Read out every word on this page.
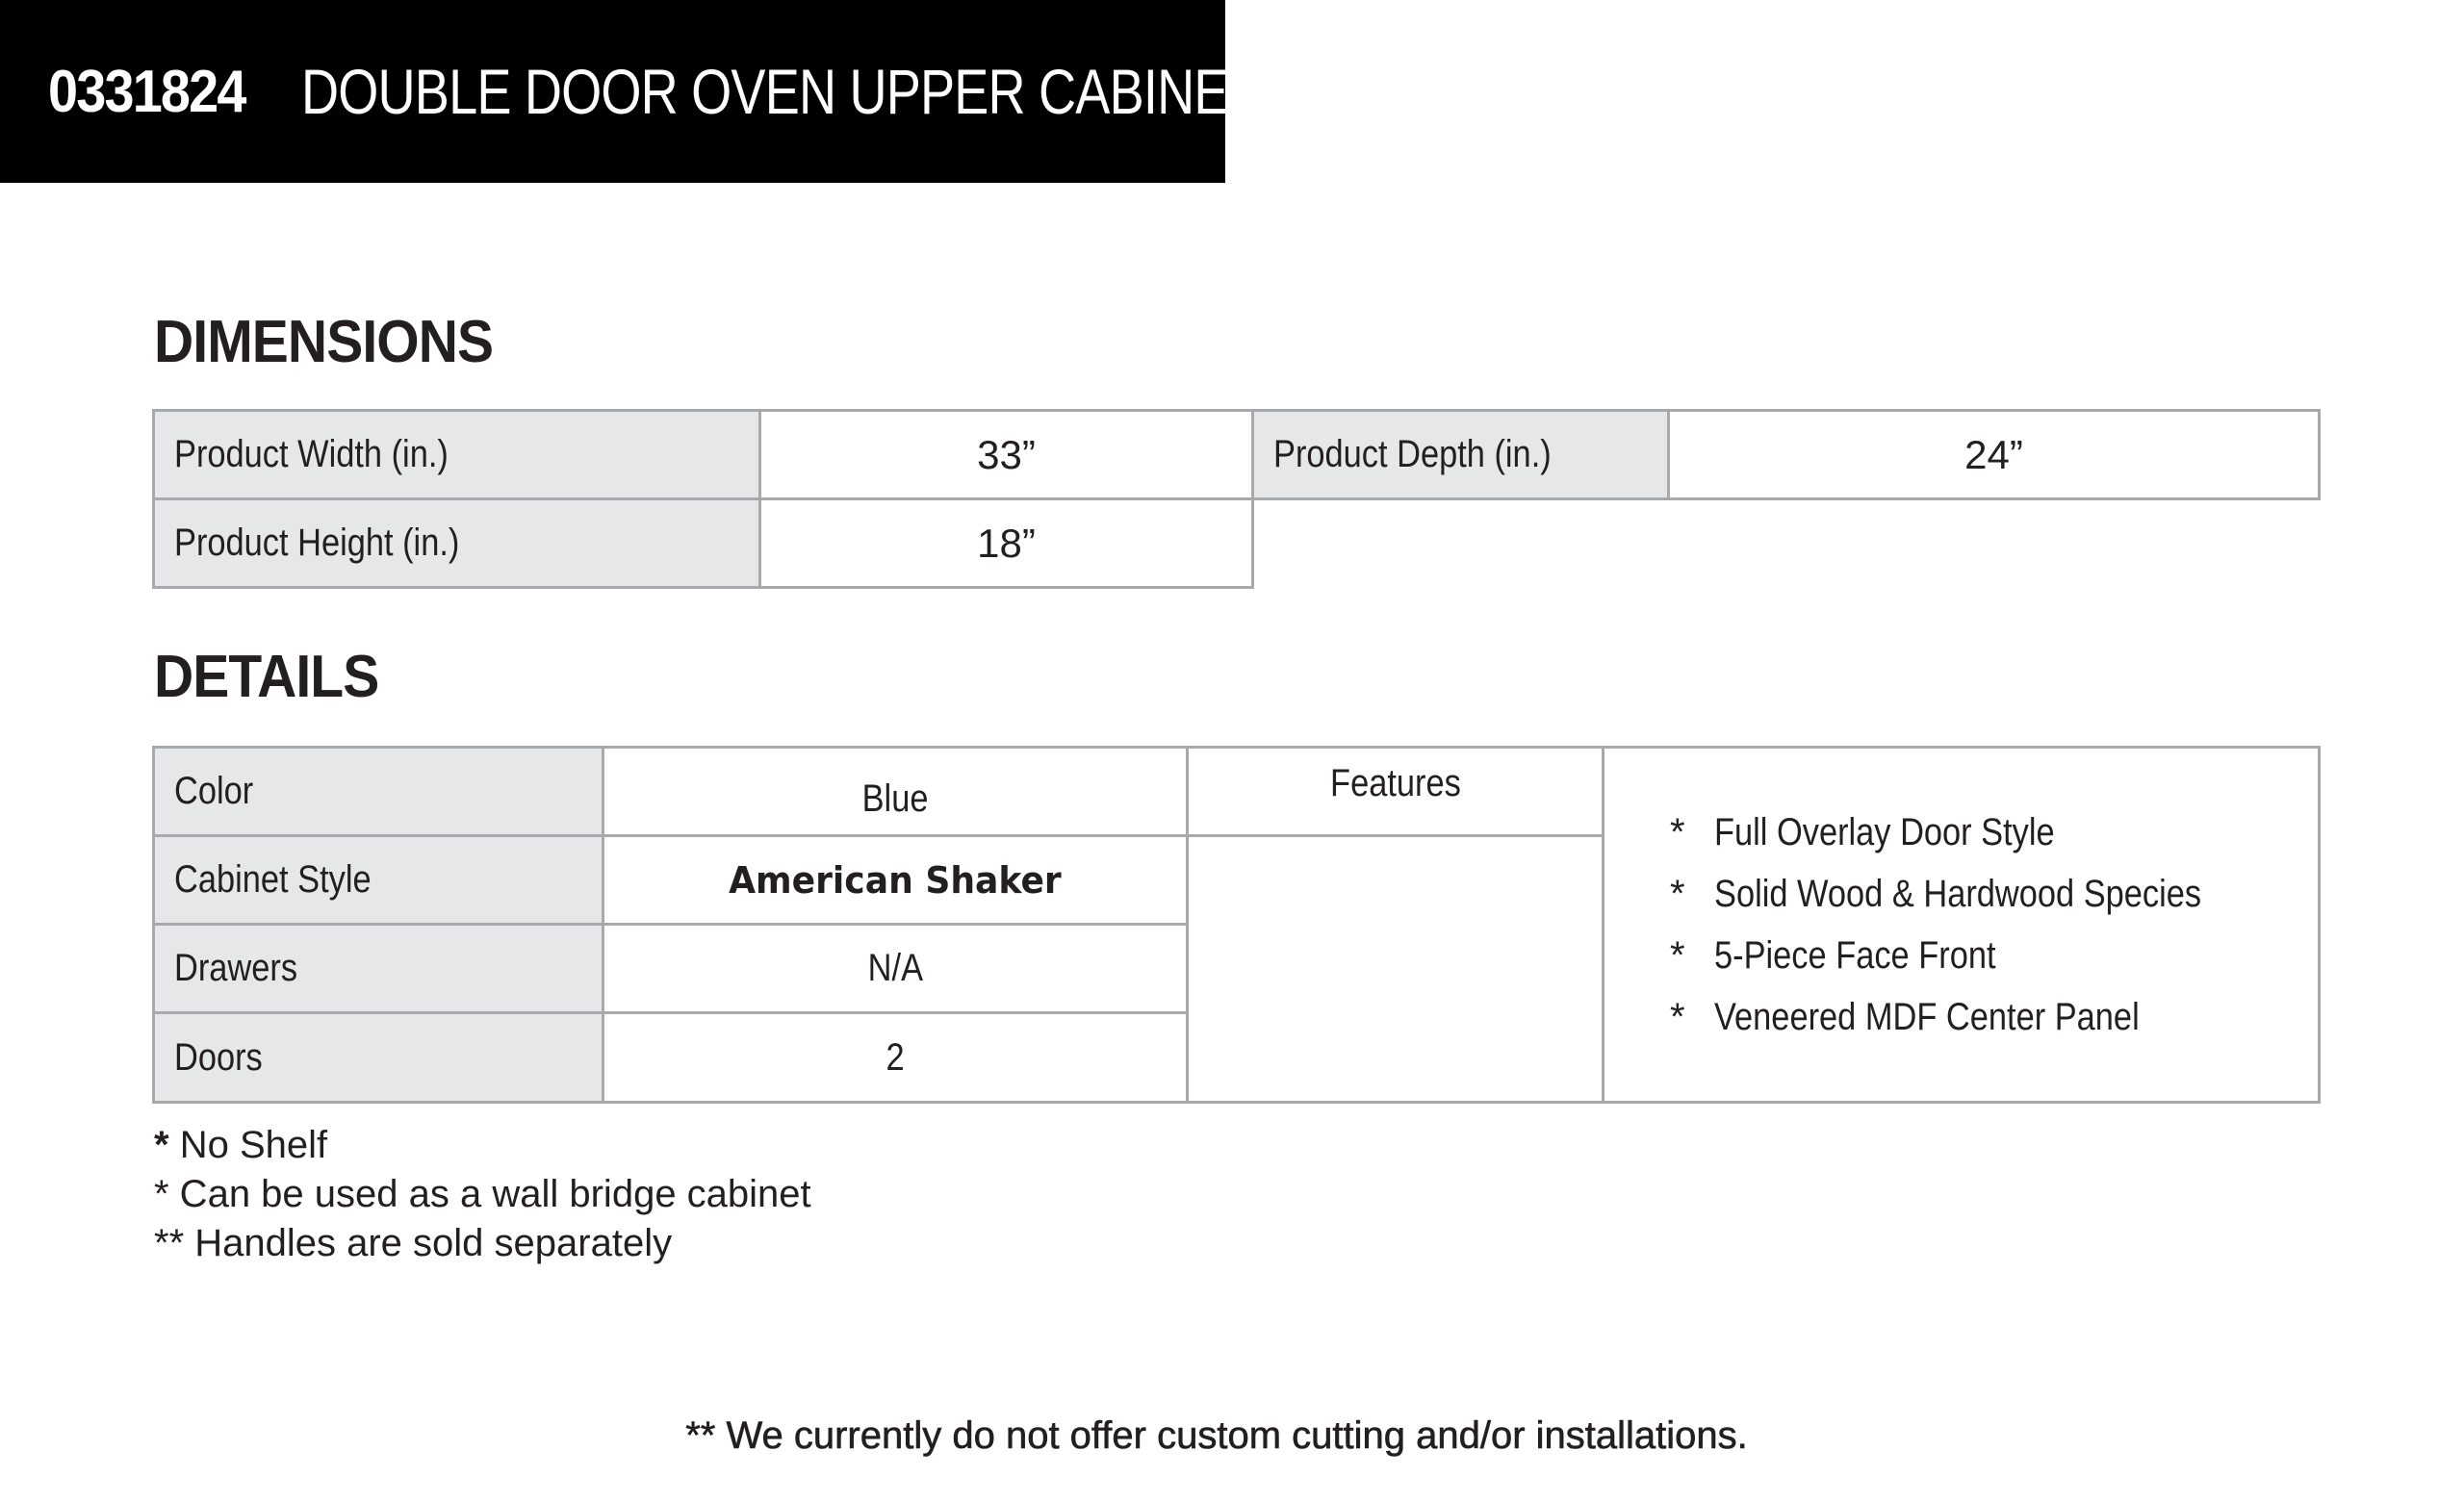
0331824 DOUBLE DOOR OVEN UPPER CABINET
DIMENSIONS
Product Width (in.)	33”	Product Depth (in.)	24”
Product Height (in.)	18”
DETAILS
Color	Blue
Cabinet Style	American Shaker
Drawers	N/A
Doors	2
Features
* Full Overlay Door Style
* Solid Wood & Hardwood Species
* 5-Piece Face Front
* Veneered MDF Center Panel
* No Shelf
* Can be used as a wall bridge cabinet
** Handles are sold separately
** We currently do not offer custom cutting and/or installations.
